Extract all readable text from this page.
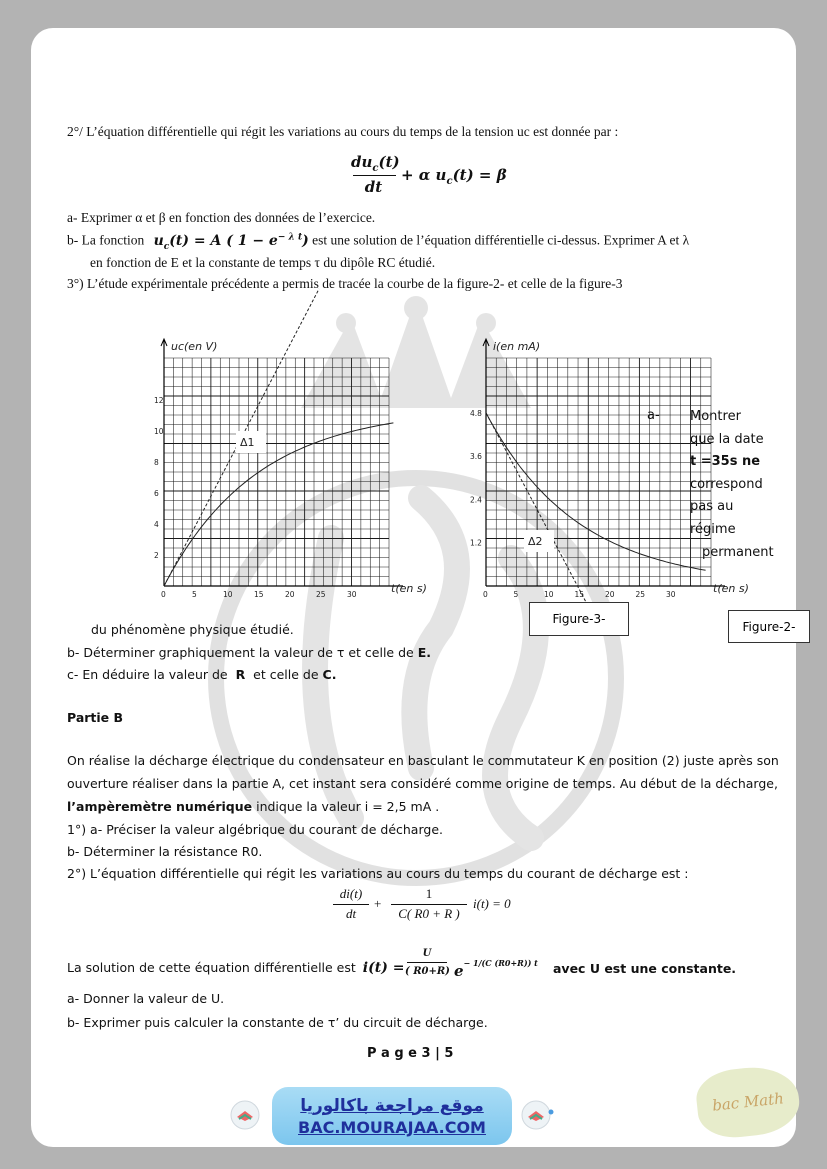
2°/ L’équation différentielle qui régit les variations au cours du temps de la tension uc est donnée par :
$du_c(t)$
dt
+ α $u_c(t) = \beta$
a- Exprimer α et β en fonction des données de l’exercice.
b- La fonction $u_c(t) = A$ ( $1 - e^{- \lambda t}$) est une solution de l’équation différentielle ci-dessus. Exprimer A et λ
en fonction de E et la constante de temps τ du dipôle RC étudié.
3°) L’étude expérimentale précédente a permis de tracée la courbe de la figure-2- et celle de la figure-3
uc(en V)
t(en s)
0	5	10	15	20	25	30
2
4
6
8
10
12
Δ1
i(en mA)
t(en s)
0	5	10	15	20	25	30
1.2
2.4
3.6
4.8
Δ2
a- Montrer
que la date
t =35s ne
correspond
pas au
régime
permanent
Figure-3-
Figure-2-
du phénomène physique étudié.
b- Déterminer graphiquement la valeur de τ et celle de E.
c- En déduire la valeur de R et celle de C.
Partie B
On réalise la décharge électrique du condensateur en basculant le commutateur K en position (2) juste après son
ouverture réaliser dans la partie A, cet instant sera considéré comme origine de temps. Au début de la décharge,
l’ampèremètre numérique indique la valeur i = 2,5 mA .
1°) a- Préciser la valeur algébrique du courant de décharge.
b- Déterminer la résistance R0.
2°) L’équation différentielle qui régit les variations au cours du temps du courant de décharge est :
di(t)
dt
+
1
C( R0 + R )
i(t) = 0
La solution de cette équation différentielle est i(t) =
U
( R0+R) $e^{- 1/(C (R0+R)) t}$ avec U est une constante.
a- Donner la valeur de U.
b- Exprimer puis calculer la constante de τ’ du circuit de décharge.
P a g e 3 | 5
موقع مراجعة باكالوريا
BAC.MOURAJAA.COM
bac Math
